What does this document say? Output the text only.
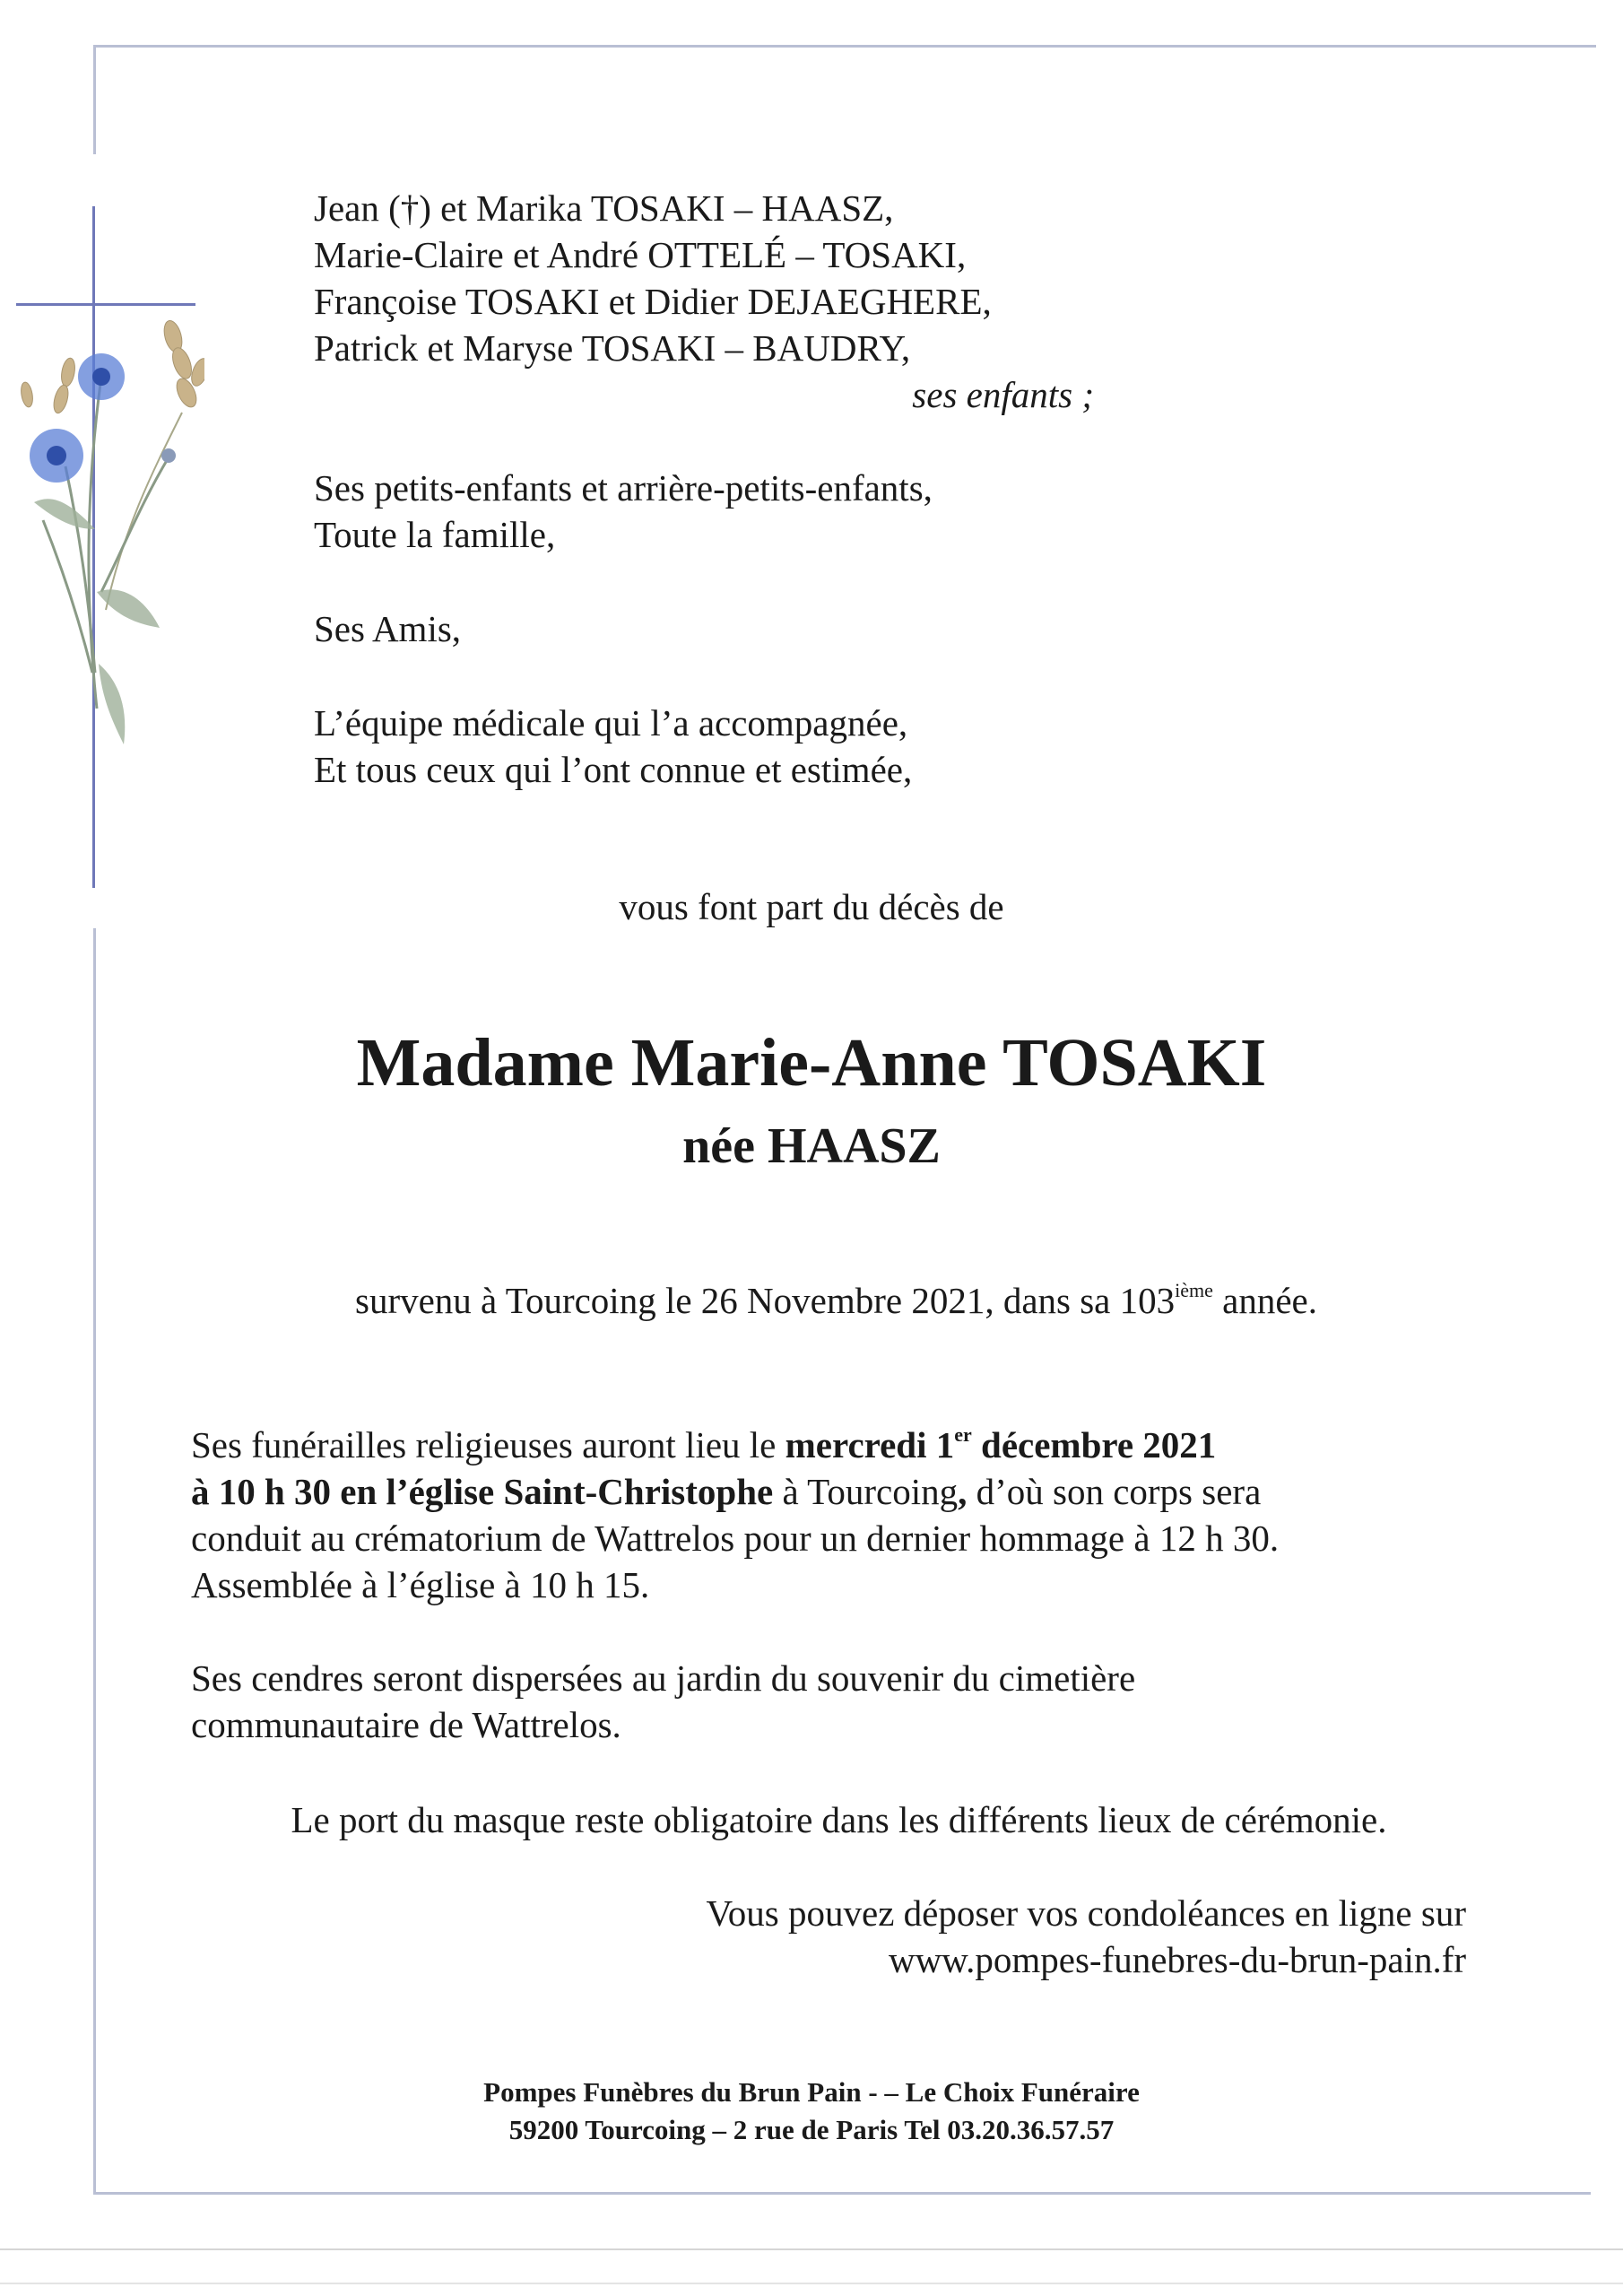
Jean (†) et Marika TOSAKI – HAASZ,
Marie-Claire et André OTTELÉ – TOSAKI,
Françoise TOSAKI et Didier DEJAEGHERE,
Patrick et Maryse TOSAKI – BAUDRY,
ses enfants ;
Ses petits-enfants et arrière-petits-enfants,
Toute la famille,
Ses Amis,
L’équipe médicale qui l’a accompagnée,
Et tous ceux qui l’ont connue et estimée,
vous font part du décès de
Madame Marie-Anne TOSAKI
née HAASZ
survenu à Tourcoing le 26 Novembre 2021, dans sa 103ième année.
Ses funérailles religieuses auront lieu le mercredi 1er décembre 2021
à 10 h 30 en l’église Saint-Christophe à Tourcoing, d’où son corps sera
conduit au crématorium de Wattrelos pour un dernier hommage à 12 h 30.
Assemblée à l’église à 10 h 15.
Ses cendres seront dispersées au jardin du souvenir du cimetière
communautaire de Wattrelos.
Le port du masque reste obligatoire dans les différents lieux de cérémonie.
Vous pouvez déposer vos condoléances en ligne sur
www.pompes-funebres-du-brun-pain.fr
Pompes Funèbres du Brun Pain - – Le Choix Funéraire
59200 Tourcoing – 2 rue de Paris Tel 03.20.36.57.57
